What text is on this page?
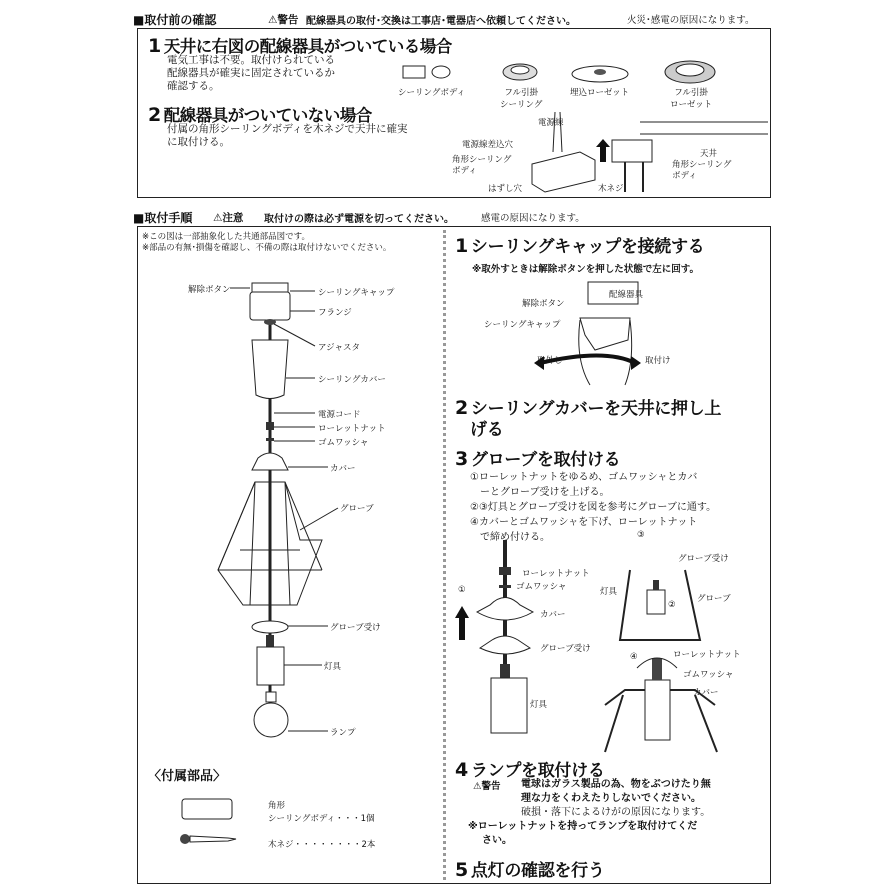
■取付前の確認	⚠警告 配線器具の取付･交換は工事店･電器店へ依頼してください。	火災･感電の原因になります。
1 天井に右図の配線器具がついている場合
電気工事は不要。取付けられている
配線器具が確実に固定されているか
確認する。
シーリングボディ	フル引掛
シーリング
埋込ローゼット	フル引掛
ローゼット
2 配線器具がついていない場合
付属の角形シーリングボディを木ネジで天井に確実
に取付ける。
電源線
電源線差込穴
角形シーリング
ボディ
はずし穴
天井
角形シーリング
ボディ
木ネジ
■取付手順 ⚠注意 取付けの際は必ず電源を切ってください。	感電の原因になります。
※この図は一部抽象化した共通部品図です。
※部品の有無･損傷を確認し、不備の際は取付けないでください。
解除ボタン	シーリングキャップ
フランジ
アジャスタ
シーリングカバー
電源コード
ローレットナット
ゴムワッシャ
カバー
グローブ
グローブ受け
灯具
ランプ
〈付属部品〉
角形
シーリングボディ・・・1個
木ネジ・・・・・・・・2本
1 シーリングキャップを接続する
※取外すときは解除ボタンを押した状態で左に回す。
配線器具
解除ボタン
シーリングキャップ
取外し	取付け
2 シーリングカバーを天井に押し上
げる
3 グローブを取付ける
①ローレットナットをゆるめ、ゴムワッシャとカバ
　ーとグローブ受けを上げる。
②③灯具とグローブ受けを図を参考にグローブに通す。
④カバーとゴムワッシャを下げ、ローレットナット
　で締め付ける。
ローレットナット
ゴムワッシャ
カバー
グローブ受け
灯具
①
グローブ受け
灯具
グローブ
②
③
ローレットナット
ゴムワッシャ
カバー
④
4 ランプを取付ける
⚠警告 電球はガラス製品の為、物をぶつけたり無
理な力をくわえたりしないでください。
破損・落下によるけがの原因になります。
※ローレットナットを持ってランプを取付けてくだ
さい。
5 点灯の確認を行う
